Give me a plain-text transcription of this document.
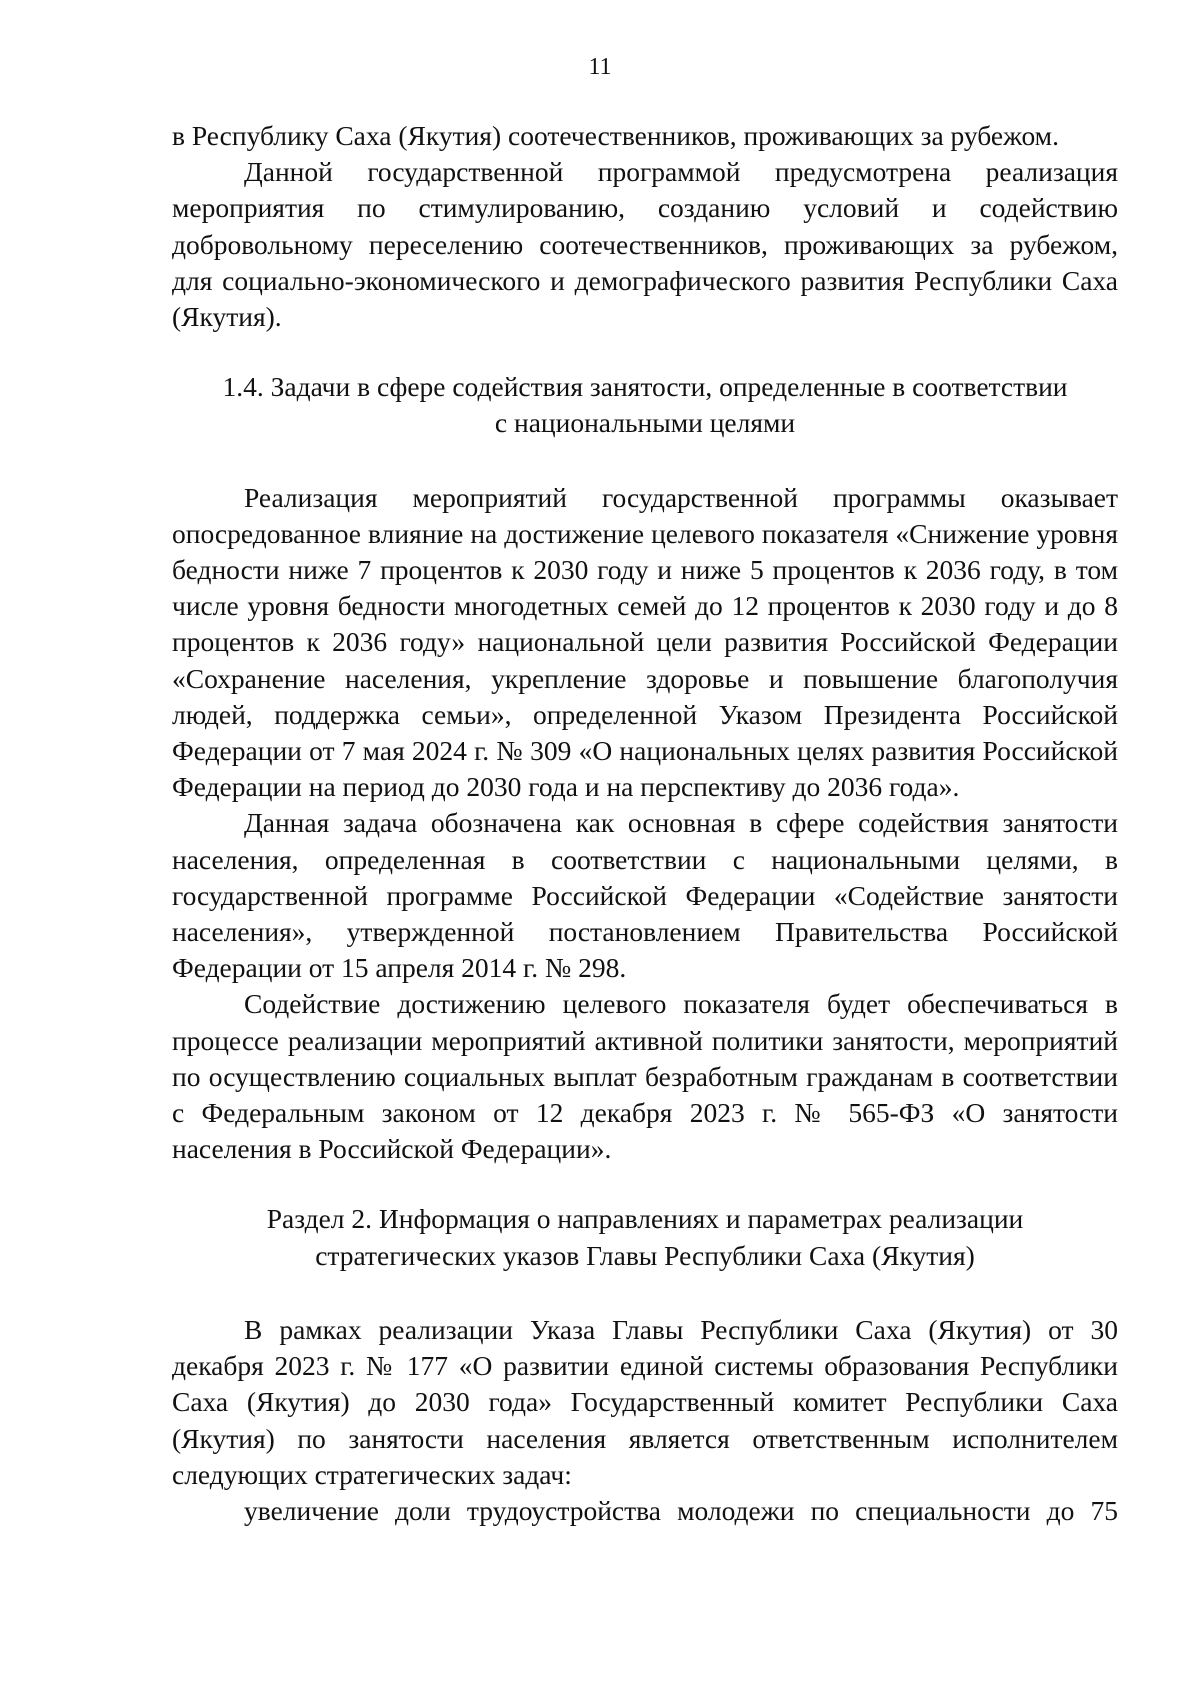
11

в Республику Саха (Якутия) соотечественников, проживающих за рубежом.

Данной государственной программой предусмотрена реализация мероприятия по стимулированию, созданию условий и содействию добровольному переселению соотечественников, проживающих за рубежом, для социально-экономического и демографического развития Республики Саха (Якутия).

1.4. Задачи в сфере содействия занятости, определенные в соответствии
с национальными целями

Реализация мероприятий государственной программы оказывает опосредованное влияние на достижение целевого показателя «Снижение уровня бедности ниже 7 процентов к 2030 году и ниже 5 процентов к 2036 году, в том числе уровня бедности многодетных семей до 12 процентов к 2030 году и до 8 процентов к 2036 году» национальной цели развития Российской Федерации «Сохранение населения, укрепление здоровье и повышение благополучия людей, поддержка семьи», определенной Указом Президента Российской Федерации от 7 мая 2024 г. № 309 «О национальных целях развития Российской Федерации на период до 2030 года и на перспективу до 2036 года».

Данная задача обозначена как основная в сфере содействия занятости населения, определенная в соответствии с национальными целями, в государственной программе Российской Федерации «Содействие занятости населения», утвержденной постановлением Правительства Российской Федерации от 15 апреля 2014 г. № 298.

Содействие достижению целевого показателя будет обеспечиваться в процессе реализации мероприятий активной политики занятости, мероприятий по осуществлению социальных выплат безработным гражданам в соответствии с Федеральным законом от 12 декабря 2023 г. № 565-ФЗ «О занятости населения в Российской Федерации».

Раздел 2. Информация о направлениях и параметрах реализации
стратегических указов Главы Республики Саха (Якутия)

В рамках реализации Указа Главы Республики Саха (Якутия) от 30 декабря 2023 г. № 177 «О развитии единой системы образования Республики Саха (Якутия) до 2030 года» Государственный комитет Республики Саха (Якутия) по занятости населения является ответственным исполнителем следующих стратегических задач:

увеличение доли трудоустройства молодежи по специальности до 75
